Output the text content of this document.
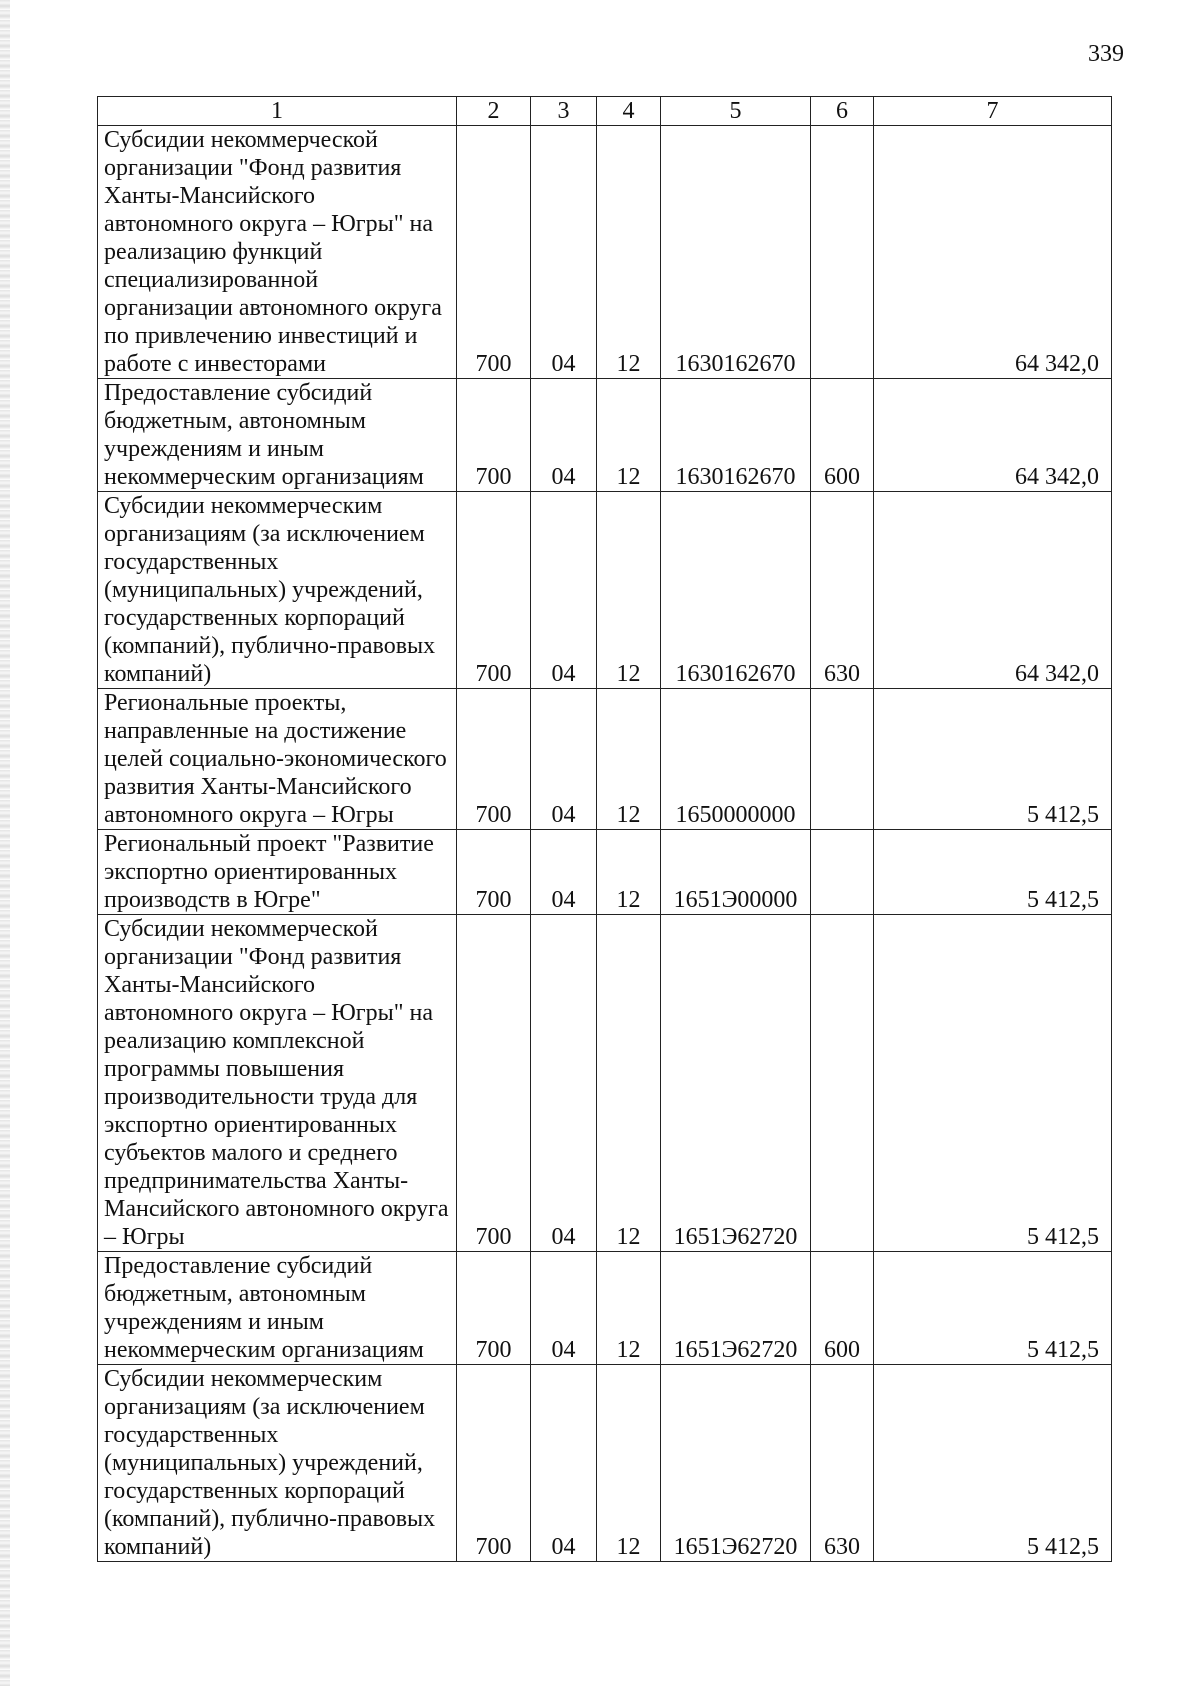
339
1	2	3	4	5	6	7
Субсидии некоммерческой организации "Фонд развития Ханты-Мансийского автономного округа – Югры" на реализацию функций специализированной организации автономного округа по привлечению инвестиций и работе с инвесторами	700	04	12	1630162670		64 342,0
Предоставление субсидий бюджетным, автономным учреждениям и иным некоммерческим организациям	700	04	12	1630162670	600	64 342,0
Субсидии некоммерческим организациям (за исключением государственных (муниципальных) учреждений, государственных корпораций (компаний), публично-правовых компаний)	700	04	12	1630162670	630	64 342,0
Региональные проекты, направленные на достижение целей социально-экономического развития Ханты-Мансийского автономного округа – Югры	700	04	12	1650000000		5 412,5
Региональный проект "Развитие экспортно ориентированных производств в Югре"	700	04	12	1651Э00000		5 412,5
Субсидии некоммерческой организации "Фонд развития Ханты-Мансийского автономного округа – Югры" на реализацию комплексной программы повышения производительности труда для экспортно ориентированных субъектов малого и среднего предпринимательства Ханты-Мансийского автономного округа – Югры	700	04	12	1651Э62720		5 412,5
Предоставление субсидий бюджетным, автономным учреждениям и иным некоммерческим организациям	700	04	12	1651Э62720	600	5 412,5
Субсидии некоммерческим организациям (за исключением государственных (муниципальных) учреждений, государственных корпораций (компаний), публично-правовых компаний)	700	04	12	1651Э62720	630	5 412,5
